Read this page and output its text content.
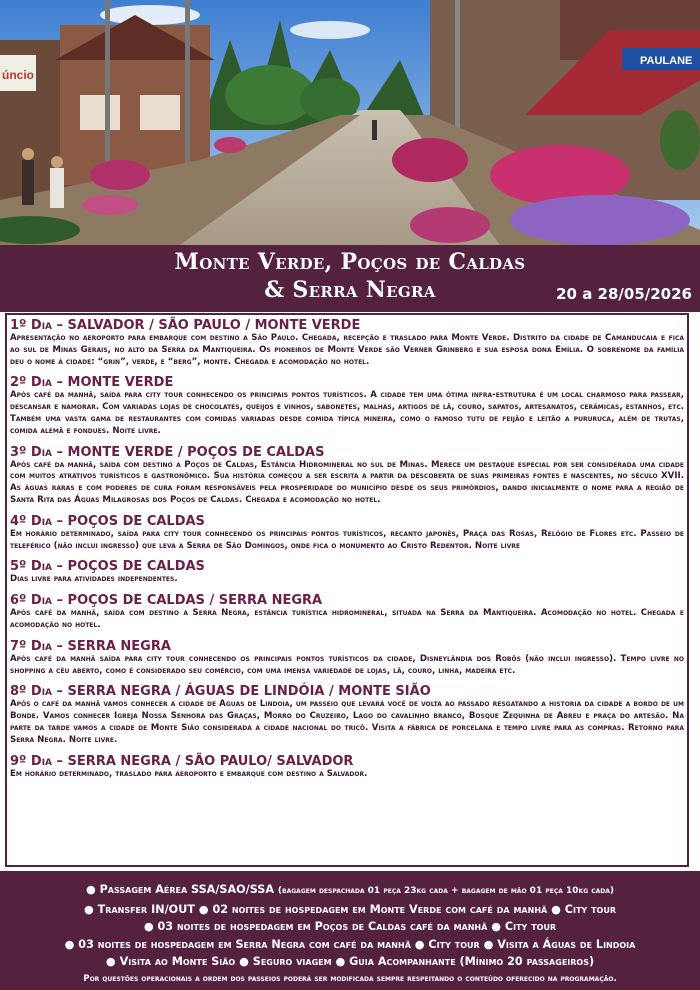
úncio
PAULANE
Monte Verde, Poços de Caldas
& Serra Negra	20 a 28/05/2026
1º Dia – SALVADOR / SÃO PAULO / MONTE VERDE
Apresentação no aeroporto para embarque com destino a São Paulo. Chegada, recepção e traslado para Monte Verde. Distrito da cidade de Camanducaia e fica ao sul de Minas Gerais, no alto da Serra da Mantiqueira. Os pioneiros de Monte Verde são Verner Grinberg e sua esposa dona Emília. O sobrenome da família deu o nome à cidade: “grin”, verde, e “berg”, monte. Chegada e acomodação no hotel.
2º Dia – MONTE VERDE
Após café da manhã, saída para city tour conhecendo os principais pontos turísticos. A cidade tem uma ótima infra-estrutura é um local charmoso para passear, descansar e namorar. Com variadas lojas de chocolates, queijos e vinhos, sabonetes, malhas, artigos de lã, couro, sapatos, artesanatos, cerâmicas, estanhos, etc. Também uma vasta gama de restaurantes com comidas variadas desde comida típica mineira, como o famoso tutu de feijão e leitão a pururuca, além de trutas, comida alemã e fondues. Noite livre.
3º Dia – MONTE VERDE / POÇOS DE CALDAS
Após café da manhã, saída com destino a Poços de Caldas, Estância Hidromineral no sul de Minas. Merece um destaque especial por ser considerada uma cidade com muitos atrativos turísticos e gastronômico. Sua história começou a ser escrita a partir da descoberta de suas primeiras fontes e nascentes, no século XVII. As águas raras e com poderes de cura foram responsáveis pela prosperidade do município desde os seus primórdios, dando inicialmente o nome para a região de Santa Rita das Águas Milagrosas dos Poços de Caldas. Chegada e acomodação no hotel.
4º Dia – POÇOS DE CALDAS
Em horário determinado, saída para city tour conhecendo os principais pontos turísticos, recanto japonês, Praça das Rosas, Relógio de Flores etc. Passeio de teleférico (não inclui ingresso) que leva a Serra de São Domingos, onde fica o monumento ao Cristo Redentor. Noite livre
5º Dia – POÇOS DE CALDAS
Dias livre para atividades independentes.
6º Dia – POÇOS DE CALDAS / SERRA NEGRA
Após café da manhã, saída com destino a Serra Negra, estância turística hidromineral, situada na Serra da Mantiqueira. Acomodação no hotel. Chegada e acomodação no hotel.
7º Dia – SERRA NEGRA
Após café da manhã saída para city tour conhecendo os principais pontos turísticos da cidade, Disneylândia dos Robôs (não inclui ingresso). Tempo livre no shopping a céu aberto, como é considerado seu comércio, com uma imensa variedade de lojas, lã, couro, linha, madeira etc.
8º Dia – SERRA NEGRA / ÁGUAS DE LINDÓIA / MONTE SIÃO
Após o café da manhã vamos conhecer a cidade de Aguas de Lindoia, um passeio que levará você de volta ao passado resgatando a historia da cidade a bordo de um Bonde. Vamos conhecer Igreja Nossa Senhora das Graças, Morro do Cruzeiro, Lago do cavalinho branco, Bosque Zequinha de Abreu e praça do artesão. Na parte da tarde vamos a cidade de Monte Sião considerada a cidade nacional do tricô. Visita a fábrica de porcelana e tempo livre para as compras. Retorno para Serra Negra. Noite livre.
9º Dia – SERRA NEGRA / SÃO PAULO/ SALVADOR
Em horário determinado, traslado para aeroporto e embarque com destino a Salvador.
● Passagem Aérea SSA/SAO/SSA (bagagem despachada 01 peça 23kg cada + bagagem de mão 01 peça 10kg cada)
● Transfer IN/OUT ● 02 noites de hospedagem em Monte Verde com café da manhã ● City tour
● 03 noites de hospedagem em Poços de Caldas café da manhã ● City tour
● 03 noites de hospedagem em Serra Negra com café da manhã ● City tour ● Visita a Águas de Lindoia
● Visita ao Monte Sião ● Seguro viagem ● Guia Acompanhante (Mínimo 20 passageiros)
Por questões operacionais a ordem dos passeios poderá ser modificada sempre respeitando o conteúdo oferecido na programação.
